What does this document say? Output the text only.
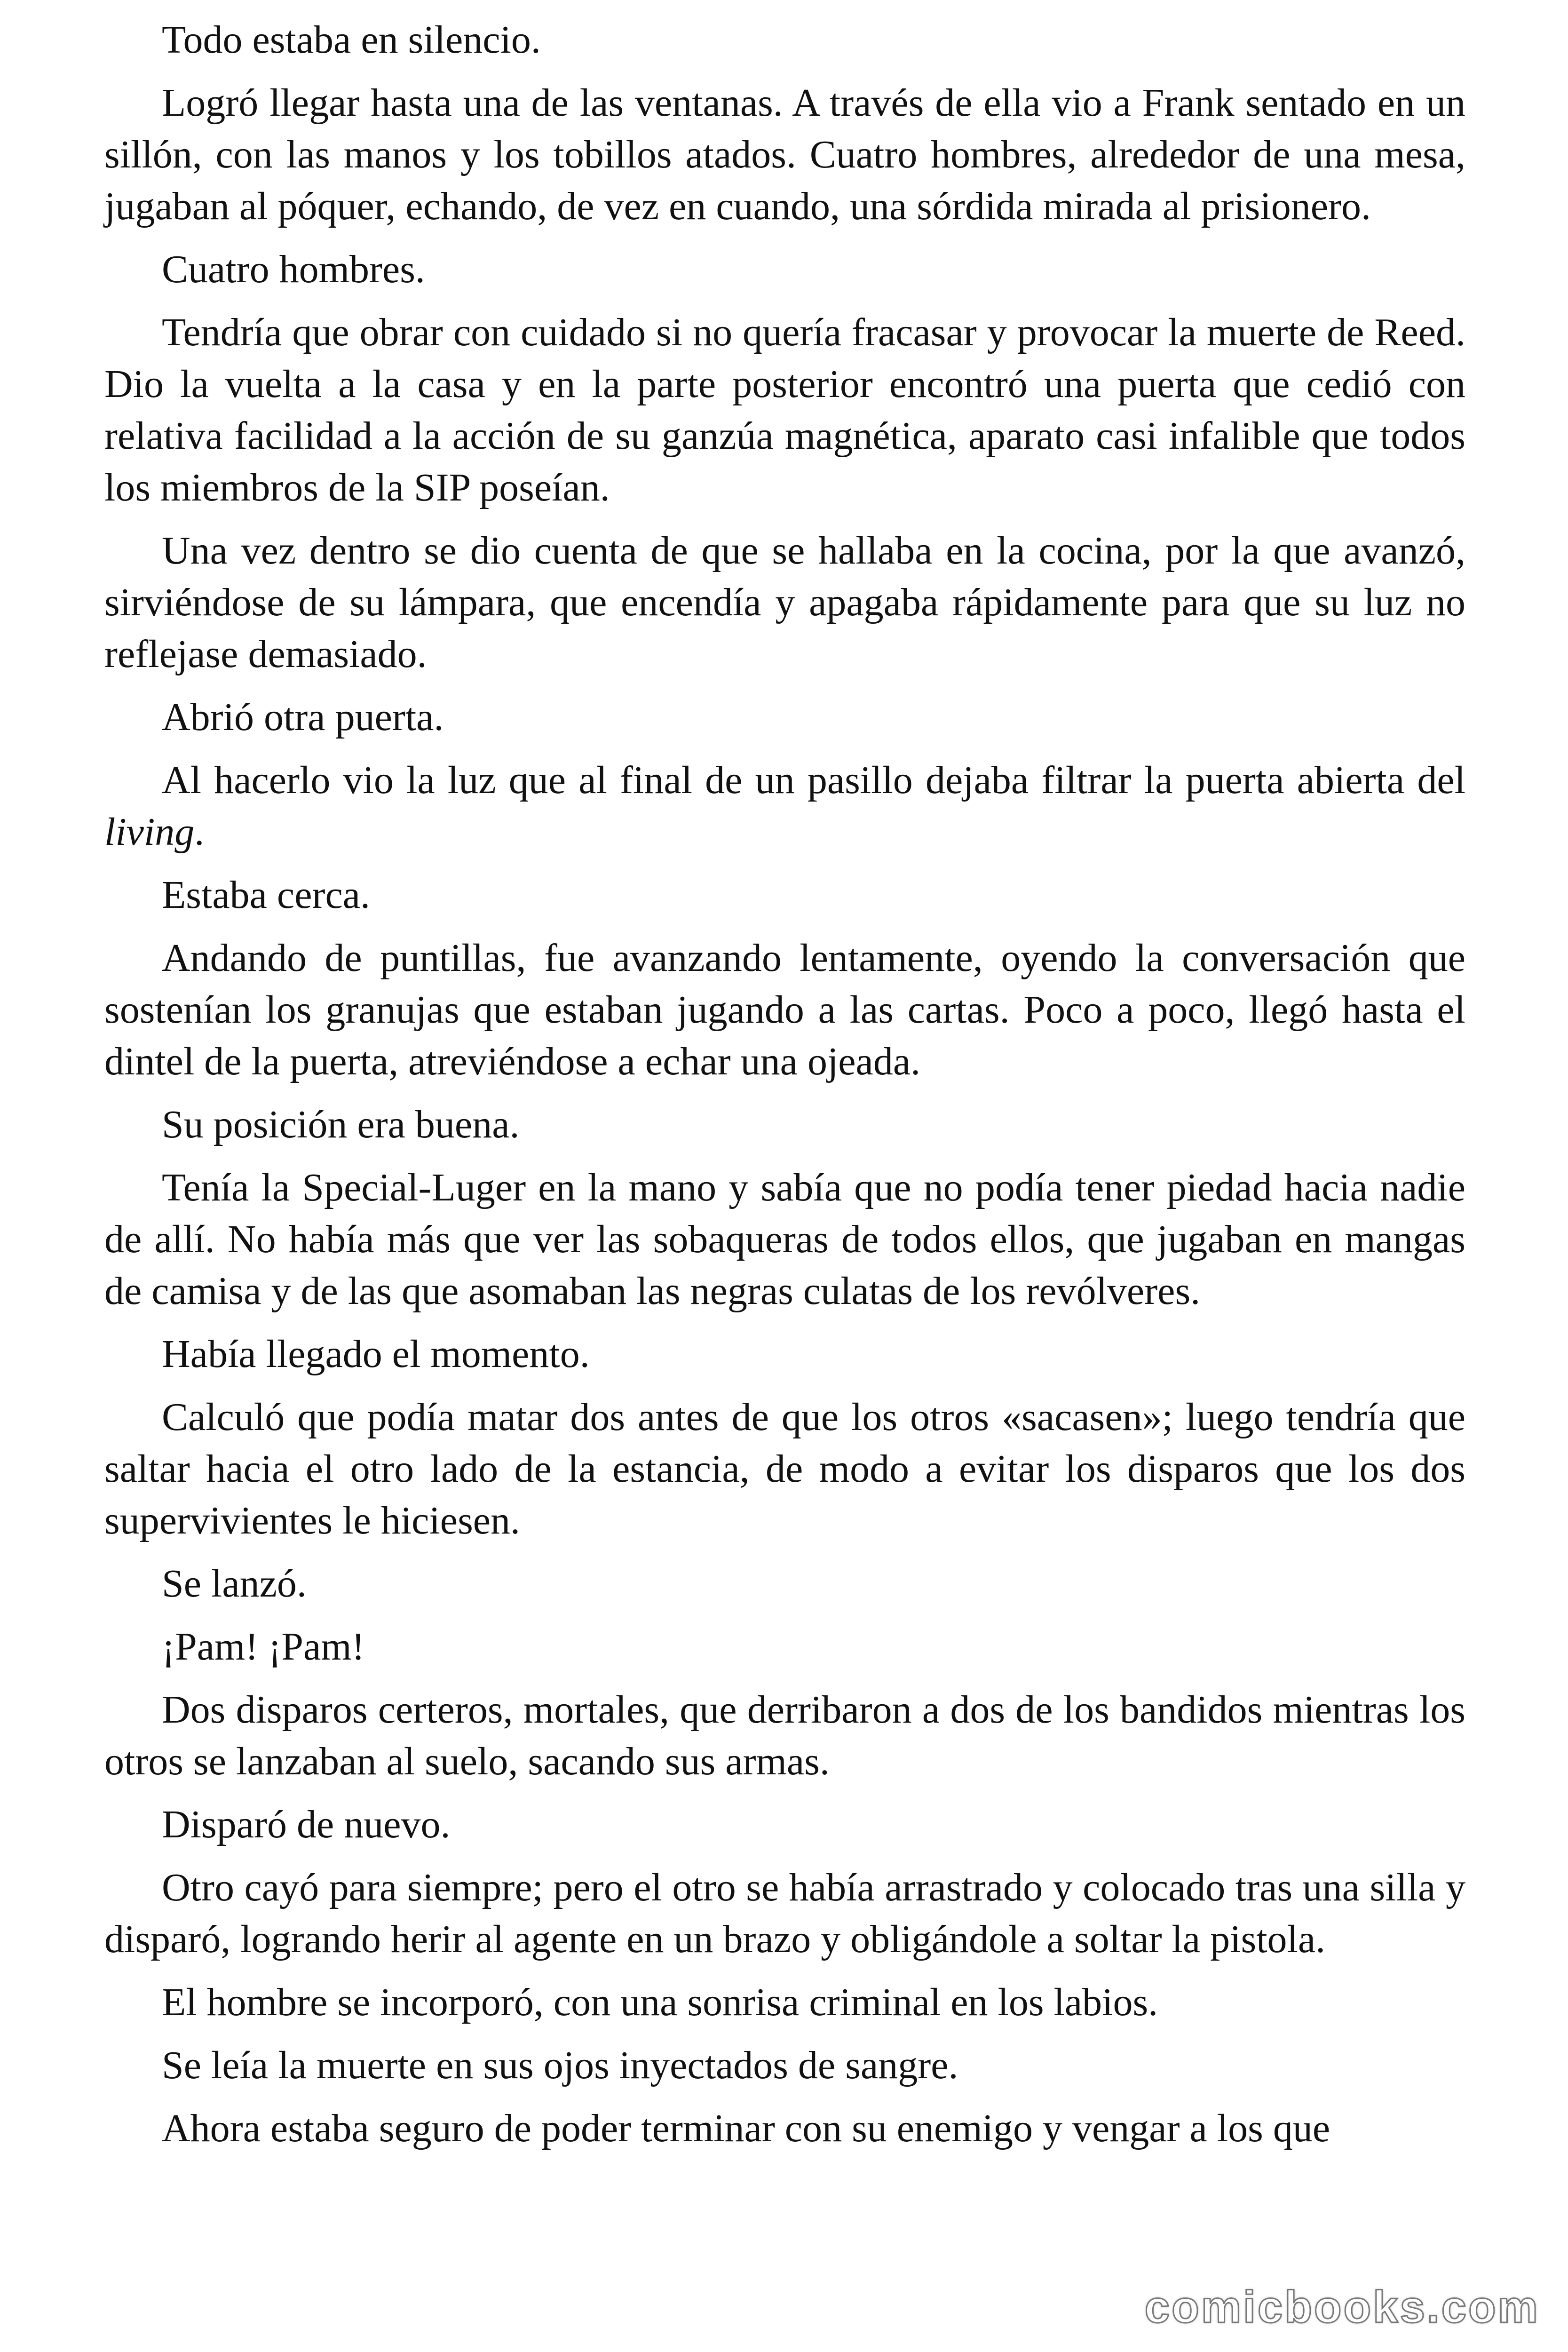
Todo estaba en silencio.

Logró llegar hasta una de las ventanas. A través de ella vio a Frank sentado en un sillón, con las manos y los tobillos atados. Cuatro hombres, alrededor de una mesa, jugaban al póquer, echando, de vez en cuando, una sórdida mirada al prisionero.

Cuatro hombres.

Tendría que obrar con cuidado si no quería fracasar y provocar la muerte de Reed. Dio la vuelta a la casa y en la parte posterior encontró una puerta que cedió con relativa facilidad a la acción de su ganzúa magnética, aparato casi infalible que todos los miembros de la SIP poseían.

Una vez dentro se dio cuenta de que se hallaba en la cocina, por la que avanzó, sirviéndose de su lámpara, que encendía y apagaba rápidamente para que su luz no reflejase demasiado.

Abrió otra puerta.

Al hacerlo vio la luz que al final de un pasillo dejaba filtrar la puerta abierta del living.

Estaba cerca.

Andando de puntillas, fue avanzando lentamente, oyendo la conversación que sostenían los granujas que estaban jugando a las cartas. Poco a poco, llegó hasta el dintel de la puerta, atreviéndose a echar una ojeada.

Su posición era buena.

Tenía la Special-Luger en la mano y sabía que no podía tener piedad hacia nadie de allí. No había más que ver las sobaqueras de todos ellos, que jugaban en mangas de camisa y de las que asomaban las negras culatas de los revólveres.

Había llegado el momento.

Calculó que podía matar dos antes de que los otros «sacasen»; luego tendría que saltar hacia el otro lado de la estancia, de modo a evitar los disparos que los dos supervivientes le hiciesen.

Se lanzó.

¡Pam! ¡Pam!

Dos disparos certeros, mortales, que derribaron a dos de los bandidos mientras los otros se lanzaban al suelo, sacando sus armas.

Disparó de nuevo.

Otro cayó para siempre; pero el otro se había arrastrado y colocado tras una silla y disparó, logrando herir al agente en un brazo y obligándole a soltar la pistola.

El hombre se incorporó, con una sonrisa criminal en los labios.

Se leía la muerte en sus ojos inyectados de sangre.

Ahora estaba seguro de poder terminar con su enemigo y vengar a los que

comicbooks.com
